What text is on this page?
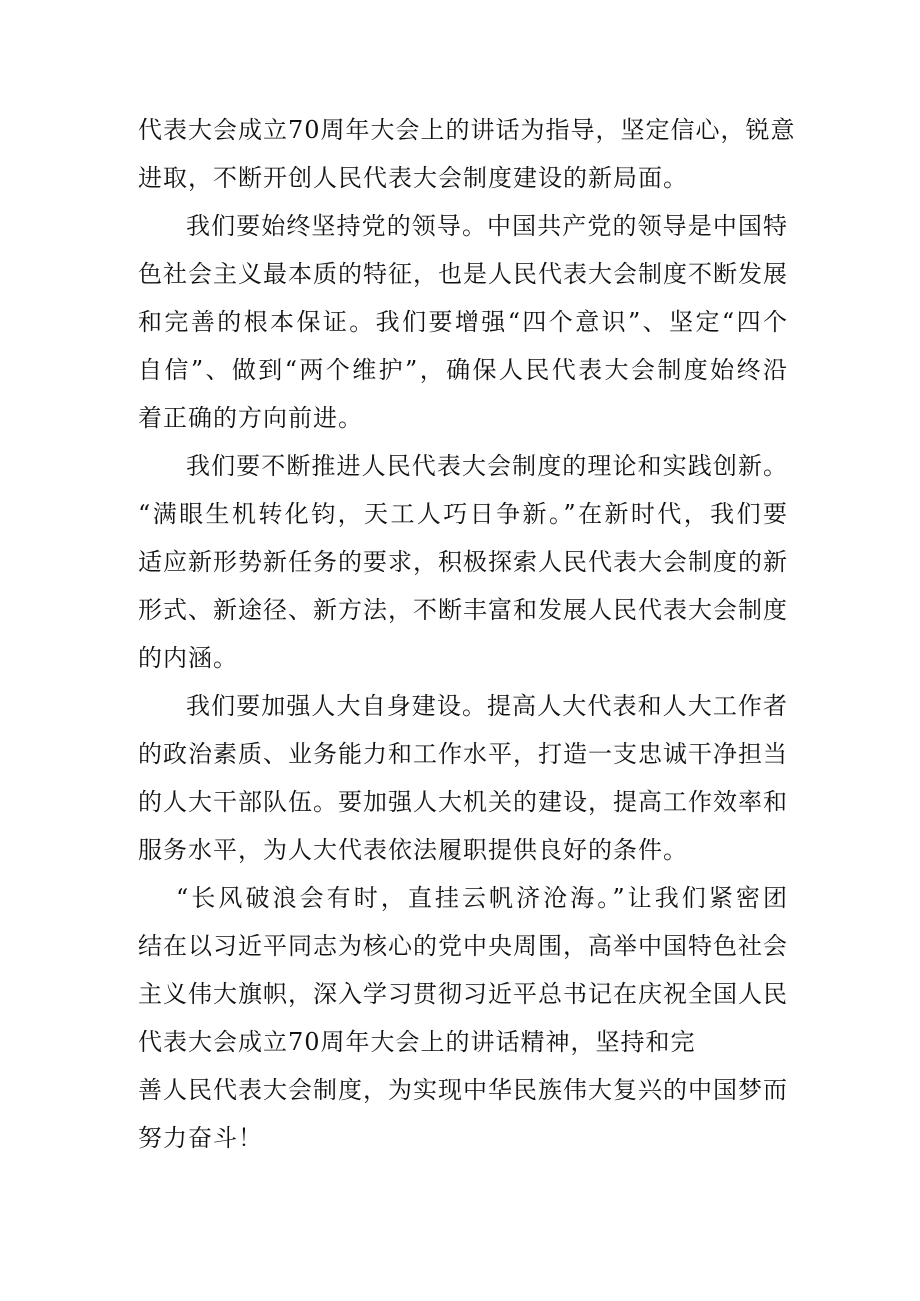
代表大会成立70周年大会上的讲话为指导，坚定信心，锐意
进取，不断开创人民代表大会制度建设的新局面。
我们要始终坚持党的领导。中国共产党的领导是中国特
色社会主义最本质的特征，也是人民代表大会制度不断发展
和完善的根本保证。我们要增强“四个意识”、坚定“四个
自信”、做到“两个维护”，确保人民代表大会制度始终沿
着正确的方向前进。
我们要不断推进人民代表大会制度的理论和实践创新。
“满眼生机转化钧，天工人巧日争新。”在新时代，我们要
适应新形势新任务的要求，积极探索人民代表大会制度的新
形式、新途径、新方法，不断丰富和发展人民代表大会制度
的内涵。
我们要加强人大自身建设。提高人大代表和人大工作者
的政治素质、业务能力和工作水平，打造一支忠诚干净担当
的人大干部队伍。要加强人大机关的建设，提高工作效率和
服务水平，为人大代表依法履职提供良好的条件。
“长风破浪会有时，直挂云帆济沧海。”让我们紧密团
结在以习近平同志为核心的党中央周围，高举中国特色社会
主义伟大旗帜，深入学习贯彻习近平总书记在庆祝全国人民
代表大会成立70周年大会上的讲话精神，坚持和完
善人民代表大会制度，为实现中华民族伟大复兴的中国梦而
努力奋斗！
